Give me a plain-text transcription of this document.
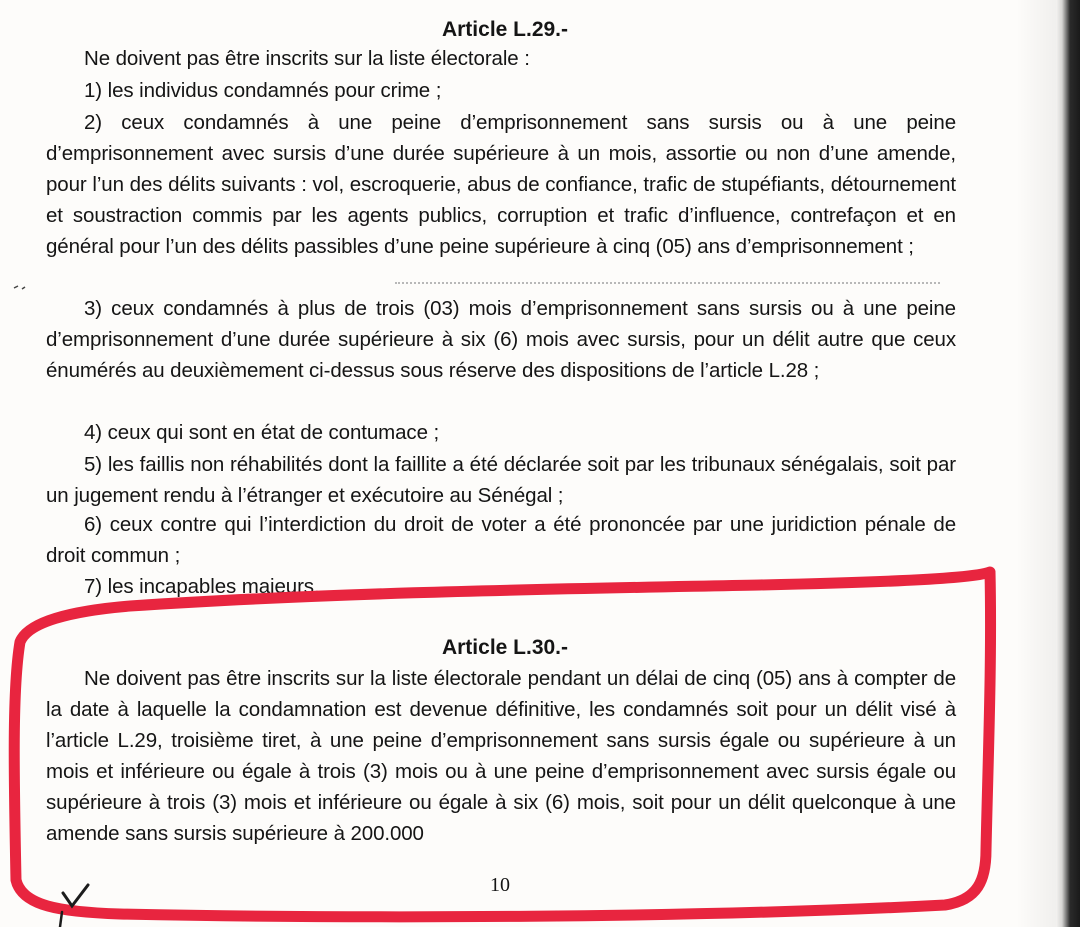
Article L.29.-

Ne doivent pas être inscrits sur la liste électorale :

1) les individus condamnés pour crime ;

2) ceux condamnés à une peine d’emprisonnement sans sursis ou à une peine d’emprisonnement avec sursis d’une durée supérieure à un mois, assortie ou non d’une amende, pour l’un des délits suivants : vol, escroquerie, abus de confiance, trafic de stupéfiants, détournement et soustraction commis par les agents publics, corruption et trafic d’influence, contrefaçon et en général pour l’un des délits passibles d’une peine supérieure à cinq (05) ans d’emprisonnement ;

3) ceux condamnés à plus de trois (03) mois d’emprisonnement sans sursis ou à une peine d’emprisonnement d’une durée supérieure à six (6) mois avec sursis, pour un délit autre que ceux énumérés au deuxièmement ci-dessus sous réserve des dispositions de l’article L.28 ;

4) ceux qui sont en état de contumace ;

5) les faillis non réhabilités dont la faillite a été déclarée soit par les tribunaux sénégalais, soit par un jugement rendu à l’étranger et exécutoire au Sénégal ;

6) ceux contre qui l’interdiction du droit de voter a été prononcée par une juridiction pénale de droit commun ;

7) les incapables majeurs.

Article L.30.-

Ne doivent pas être inscrits sur la liste électorale pendant un délai de cinq (05) ans à compter de la date à laquelle la condamnation est devenue définitive, les condamnés soit pour un délit visé à l’article L.29, troisième tiret, à une peine d’emprisonnement sans sursis égale ou supérieure à un mois et inférieure ou égale à trois (3) mois ou à une peine d’emprisonnement avec sursis égale ou supérieure à trois (3) mois et inférieure ou égale à six (6) mois, soit pour un délit quelconque à une amende sans sursis supérieure à 200.000

10
